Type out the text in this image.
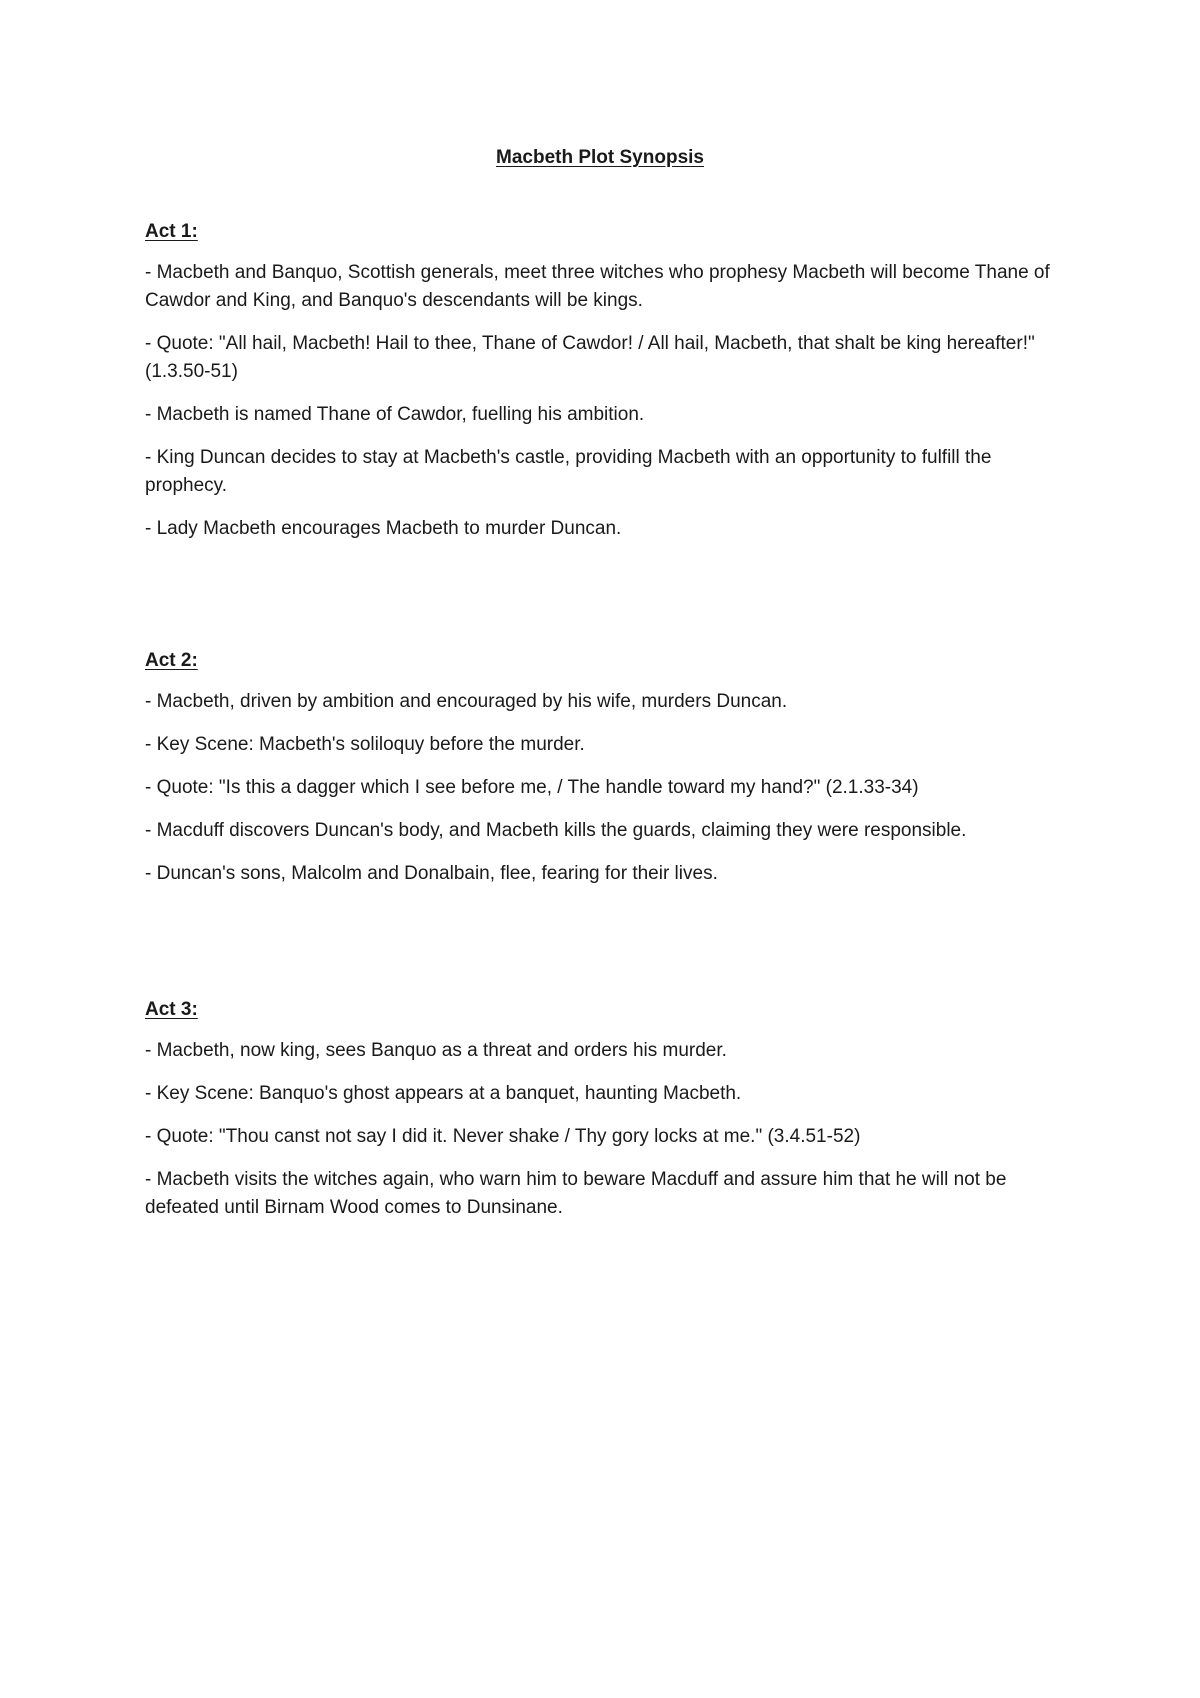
Macbeth Plot Synopsis
Act 1:

- Macbeth and Banquo, Scottish generals, meet three witches who prophesy Macbeth will become Thane of Cawdor and King, and Banquo's descendants will be kings.

- Quote: "All hail, Macbeth! Hail to thee, Thane of Cawdor! / All hail, Macbeth, that shalt be king hereafter!" (1.3.50-51)

- Macbeth is named Thane of Cawdor, fuelling his ambition.

- King Duncan decides to stay at Macbeth's castle, providing Macbeth with an opportunity to fulfill the prophecy.

- Lady Macbeth encourages Macbeth to murder Duncan.

Act 2:

- Macbeth, driven by ambition and encouraged by his wife, murders Duncan.

- Key Scene: Macbeth's soliloquy before the murder.

- Quote: "Is this a dagger which I see before me, / The handle toward my hand?" (2.1.33-34)

- Macduff discovers Duncan's body, and Macbeth kills the guards, claiming they were responsible.

- Duncan's sons, Malcolm and Donalbain, flee, fearing for their lives.

Act 3:

- Macbeth, now king, sees Banquo as a threat and orders his murder.

- Key Scene: Banquo's ghost appears at a banquet, haunting Macbeth.

- Quote: "Thou canst not say I did it. Never shake / Thy gory locks at me." (3.4.51-52)

- Macbeth visits the witches again, who warn him to beware Macduff and assure him that he will not be defeated until Birnam Wood comes to Dunsinane.
